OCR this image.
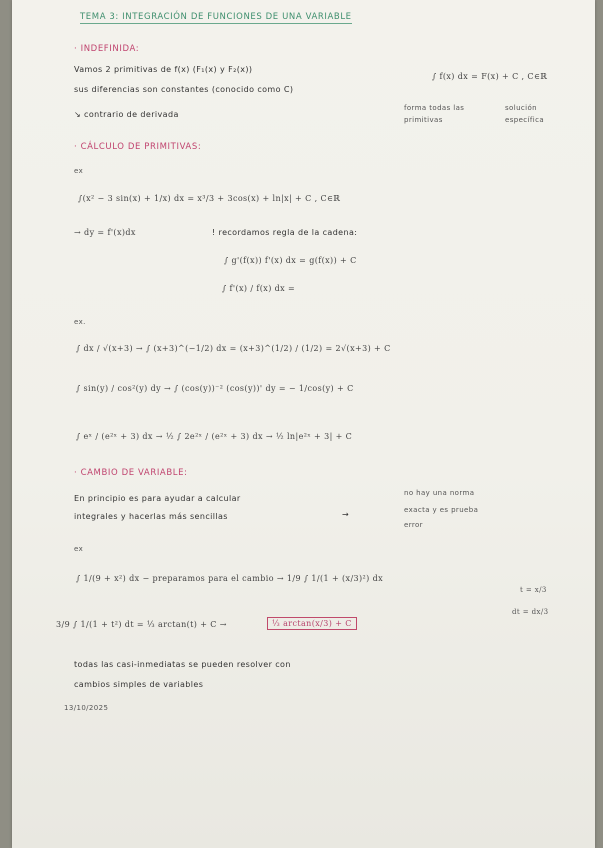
TEMA 3: INTEGRACIÓN DE FUNCIONES DE UNA VARIABLE
· INDEFINIDA:
Vamos 2 primitivas de f(x) (F₁(x) y F₂(x))
sus diferencias son constantes (conocido como C)
↘ contrario de derivada
∫ f(x) dx = F(x) + C , C∈ℝ
forma todas las primitivas
solución específica
· CÁLCULO DE PRIMITIVAS:
ex
∫(x² − 3 sin(x) + 1/x) dx = x³/3 + 3cos(x) + ln|x| + C , C∈ℝ
→ dy = f'(x)dx	! recordamos regla de la cadena:
∫ g'(f(x)) f'(x) dx = g(f(x)) + C
∫ f'(x) / f(x) dx =
ex.
∫ dx / √(x+3) → ∫ (x+3)^(−1/2) dx = (x+3)^(1/2) / (1/2) = 2√(x+3) + C
∫ sin(y) / cos²(y) dy → ∫ (cos(y))⁻² (cos(y))' dy = − 1/cos(y) + C
∫ eˣ / (e²ˣ + 3) dx → ½ ∫ 2e²ˣ / (e²ˣ + 3) dx → ½ ln|e²ˣ + 3| + C
· CAMBIO DE VARIABLE:
En principio es para ayudar a calcular
integrales y hacerlas más sencillas	→
no hay una norma
exacta y es prueba
error
ex
∫ 1/(9 + x²) dx − preparamos para el cambio → 1/9 ∫ 1/(1 + (x/3)²) dx
t = x/3
dt = dx/3
3/9 ∫ 1/(1 + t²) dt = ⅓ arctan(t) + C →	⅓ arctan(x/3) + C
todas las casi-inmediatas se pueden resolver con
cambios simples de variables
13/10/2025
